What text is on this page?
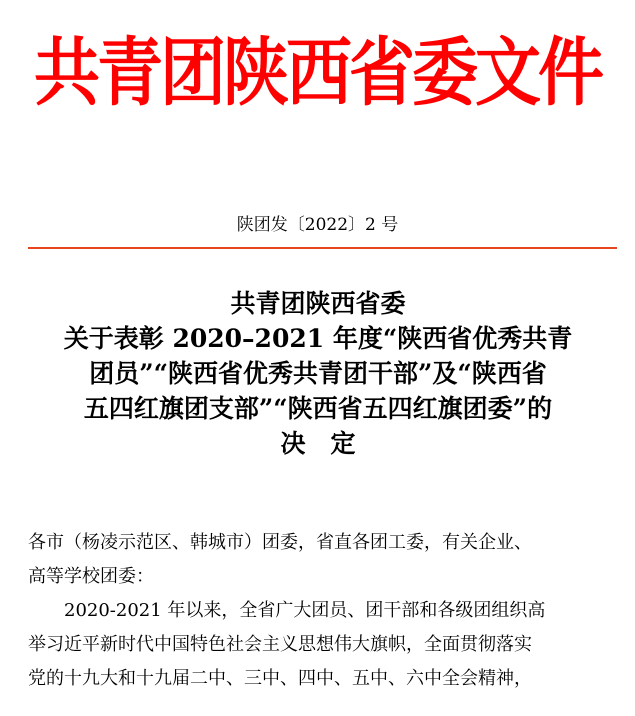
共青团陕西省委文件
陕团发〔2022〕2 号
共青团陕西省委
关于表彰 2020–2021 年度“陕西省优秀共青
团员”“陕西省优秀共青团干部”及“陕西省
五四红旗团支部”“陕西省五四红旗团委”的
决　定
各市（杨凌示范区、韩城市）团委，省直各团工委，有关企业、
高等学校团委：
2020-2021 年以来，全省广大团员、团干部和各级团组织高
举习近平新时代中国特色社会主义思想伟大旗帜，全面贯彻落实
党的十九大和十九届二中、三中、四中、五中、六中全会精神，
